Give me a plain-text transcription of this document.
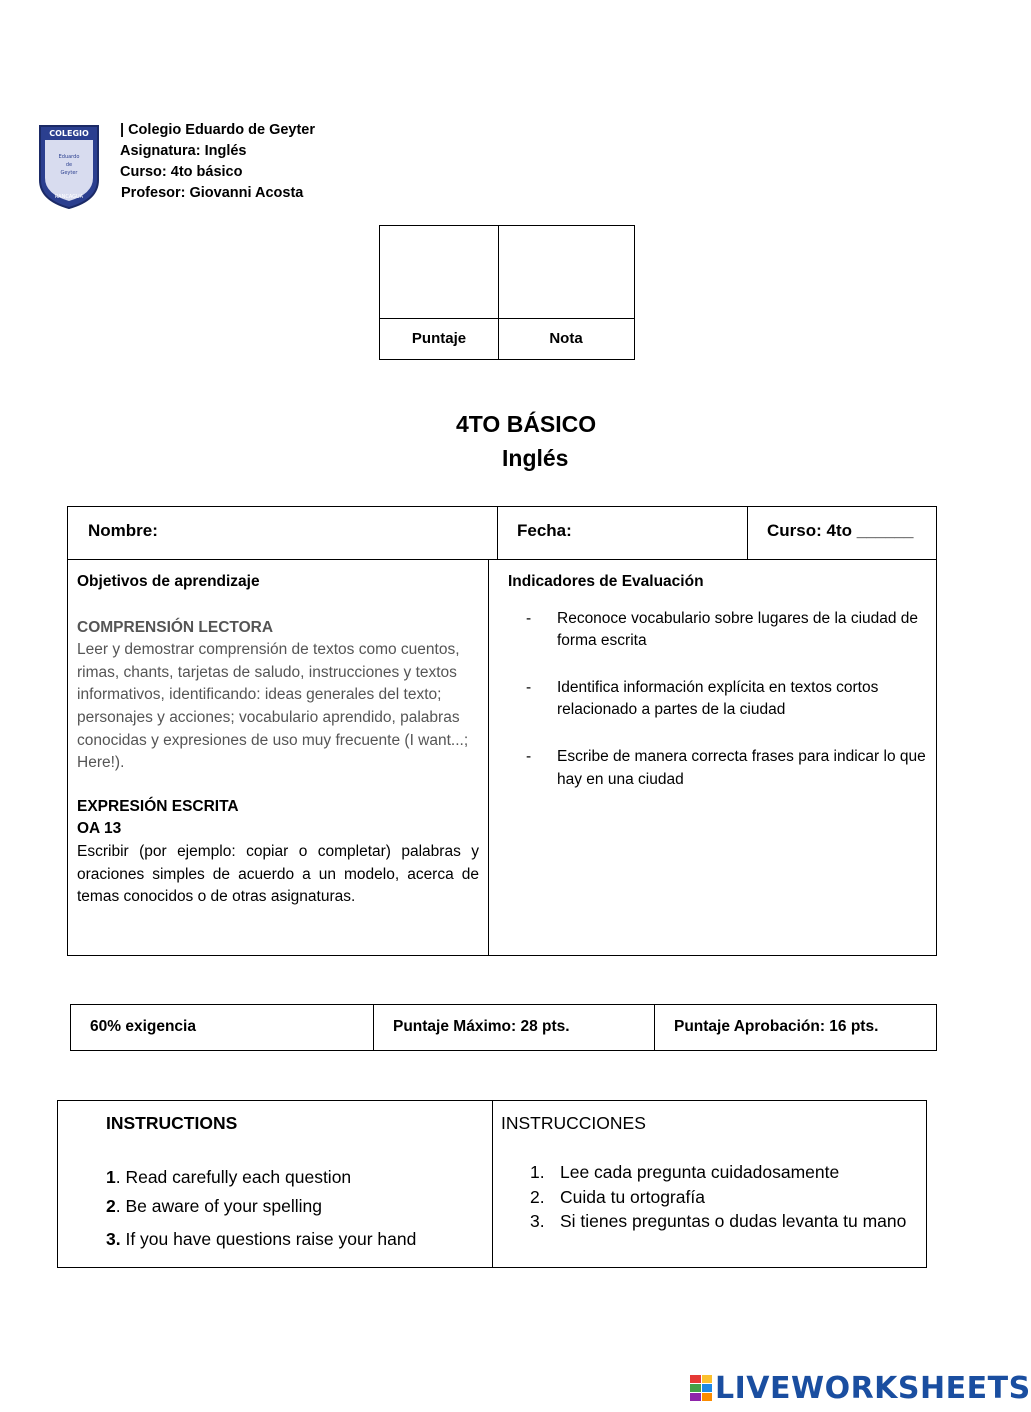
COLEGIO
Eduardo
de
Geyter
RANCAGUA
| Colegio Eduardo de Geyter
Asignatura: Inglés
Curso: 4to básico
Profesor: Giovanni Acosta
Puntaje	Nota
4TO BÁSICO
Inglés
Nombre:	Fecha:	Curso: 4to ______
Objetivos de aprendizaje
COMPRENSIÓN LECTORA
Leer y demostrar comprensión de textos como cuentos, rimas, chants, tarjetas de saludo, instrucciones y textos informativos, identificando: ideas generales del texto; personajes y acciones; vocabulario aprendido, palabras conocidas y expresiones de uso muy frecuente (I want...; Here!).
EXPRESIÓN ESCRITA
OA 13
Escribir (por ejemplo: copiar o completar) palabras y oraciones simples de acuerdo a un modelo, acerca de temas conocidos o de otras asignaturas.
Indicadores de Evaluación
- Reconoce vocabulario sobre lugares de la ciudad de forma escrita
- Identifica información explícita en textos cortos relacionado a partes de la ciudad
- Escribe de manera correcta frases para indicar lo que hay en una ciudad
60% exigencia	Puntaje Máximo: 28 pts.	Puntaje Aprobación: 16 pts.
INSTRUCTIONS
1. Read carefully each question
2. Be aware of your spelling
3. If you have questions raise your hand
INSTRUCCIONES
1. Lee cada pregunta cuidadosamente
2. Cuida tu ortografía
3. Si tienes preguntas o dudas levanta tu mano
LIVEWORKSHEETS
